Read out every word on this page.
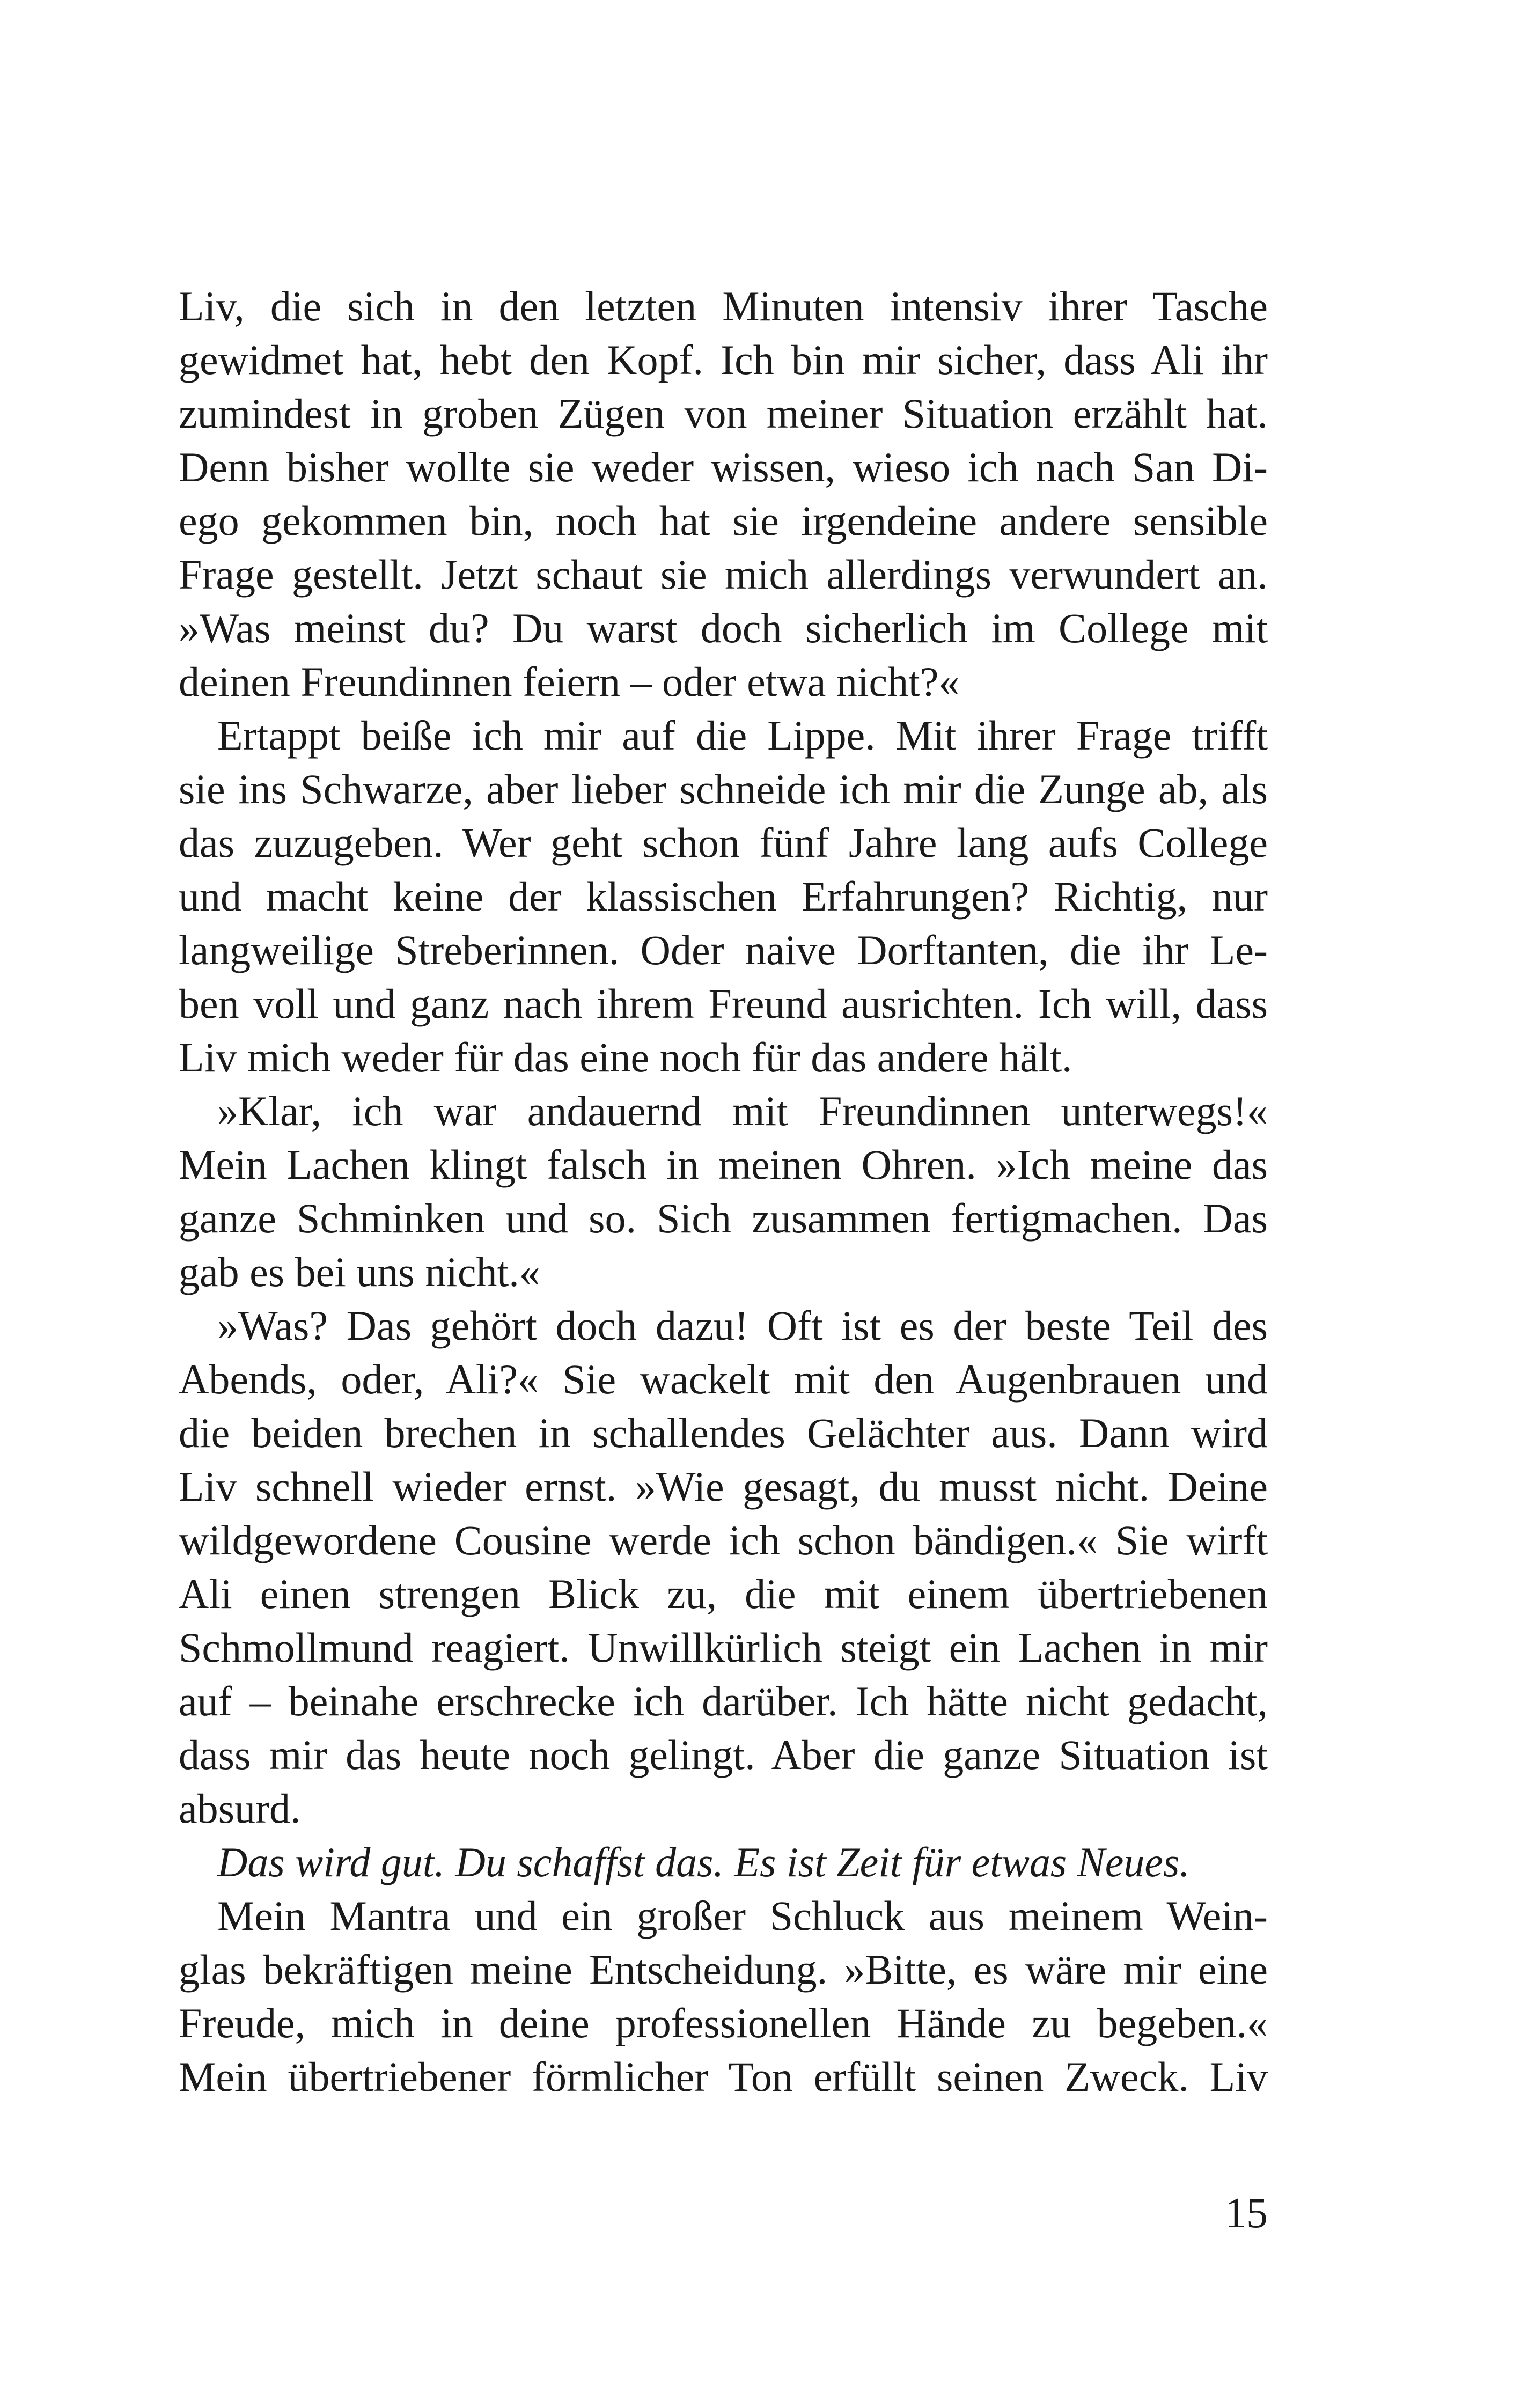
Liv, die sich in den letzten Minuten intensiv ihrer Tasche
gewidmet hat, hebt den Kopf. Ich bin mir sicher, dass Ali ihr
zumindest in groben Zügen von meiner Situation erzählt hat.
Denn bisher wollte sie weder wissen, wieso ich nach San Di-
ego gekommen bin, noch hat sie irgendeine andere sensible
Frage gestellt. Jetzt schaut sie mich allerdings verwundert an.
»Was meinst du? Du warst doch sicherlich im College mit
deinen Freundinnen feiern – oder etwa nicht?«
Ertappt beiße ich mir auf die Lippe. Mit ihrer Frage trifft
sie ins Schwarze, aber lieber schneide ich mir die Zunge ab, als
das zuzugeben. Wer geht schon fünf Jahre lang aufs College
und macht keine der klassischen Erfahrungen? Richtig, nur
langweilige Streberinnen. Oder naive Dorftanten, die ihr Le-
ben voll und ganz nach ihrem Freund ausrichten. Ich will, dass
Liv mich weder für das eine noch für das andere hält.
»Klar, ich war andauernd mit Freundinnen unterwegs!«
Mein Lachen klingt falsch in meinen Ohren. »Ich meine das
ganze Schminken und so. Sich zusammen fertigmachen. Das
gab es bei uns nicht.«
»Was? Das gehört doch dazu! Oft ist es der beste Teil des
Abends, oder, Ali?« Sie wackelt mit den Augenbrauen und
die beiden brechen in schallendes Gelächter aus. Dann wird
Liv schnell wieder ernst. »Wie gesagt, du musst nicht. Deine
wildgewordene Cousine werde ich schon bändigen.« Sie wirft
Ali einen strengen Blick zu, die mit einem übertriebenen
Schmollmund reagiert. Unwillkürlich steigt ein Lachen in mir
auf – beinahe erschrecke ich darüber. Ich hätte nicht gedacht,
dass mir das heute noch gelingt. Aber die ganze Situation ist
absurd.
Das wird gut. Du schaffst das. Es ist Zeit für etwas Neues.
Mein Mantra und ein großer Schluck aus meinem Wein-
glas bekräftigen meine Entscheidung. »Bitte, es wäre mir eine
Freude, mich in deine professionellen Hände zu begeben.«
Mein übertriebener förmlicher Ton erfüllt seinen Zweck. Liv
15
